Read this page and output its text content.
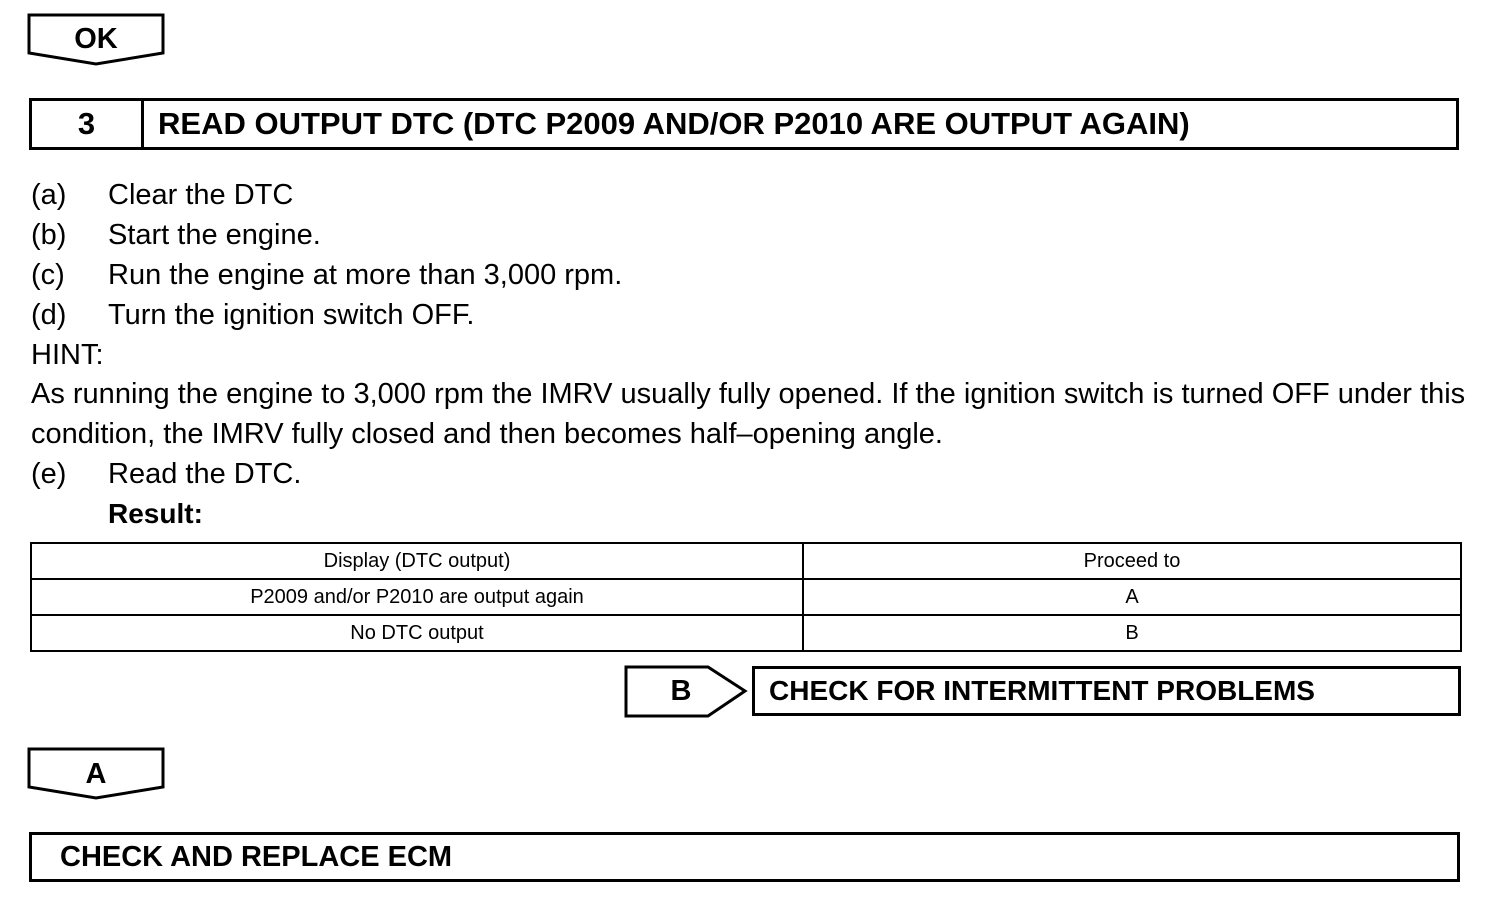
OK
3	READ OUTPUT DTC (DTC P2009 AND/OR P2010 ARE OUTPUT AGAIN)
(a) Clear the DTC
(b) Start the engine.
(c) Run the engine at more than 3,000 rpm.
(d) Turn the ignition switch OFF.
HINT:
As running the engine to 3,000 rpm the IMRV usually fully opened. If the ignition switch is turned OFF under this condition, the IMRV fully closed and then becomes half–opening angle.
(e) Read the DTC.
Result:
Display (DTC output)	Proceed to
P2009 and/or P2010 are output again	A
No DTC output	B
B	CHECK FOR INTERMITTENT PROBLEMS
A
CHECK AND REPLACE ECM
